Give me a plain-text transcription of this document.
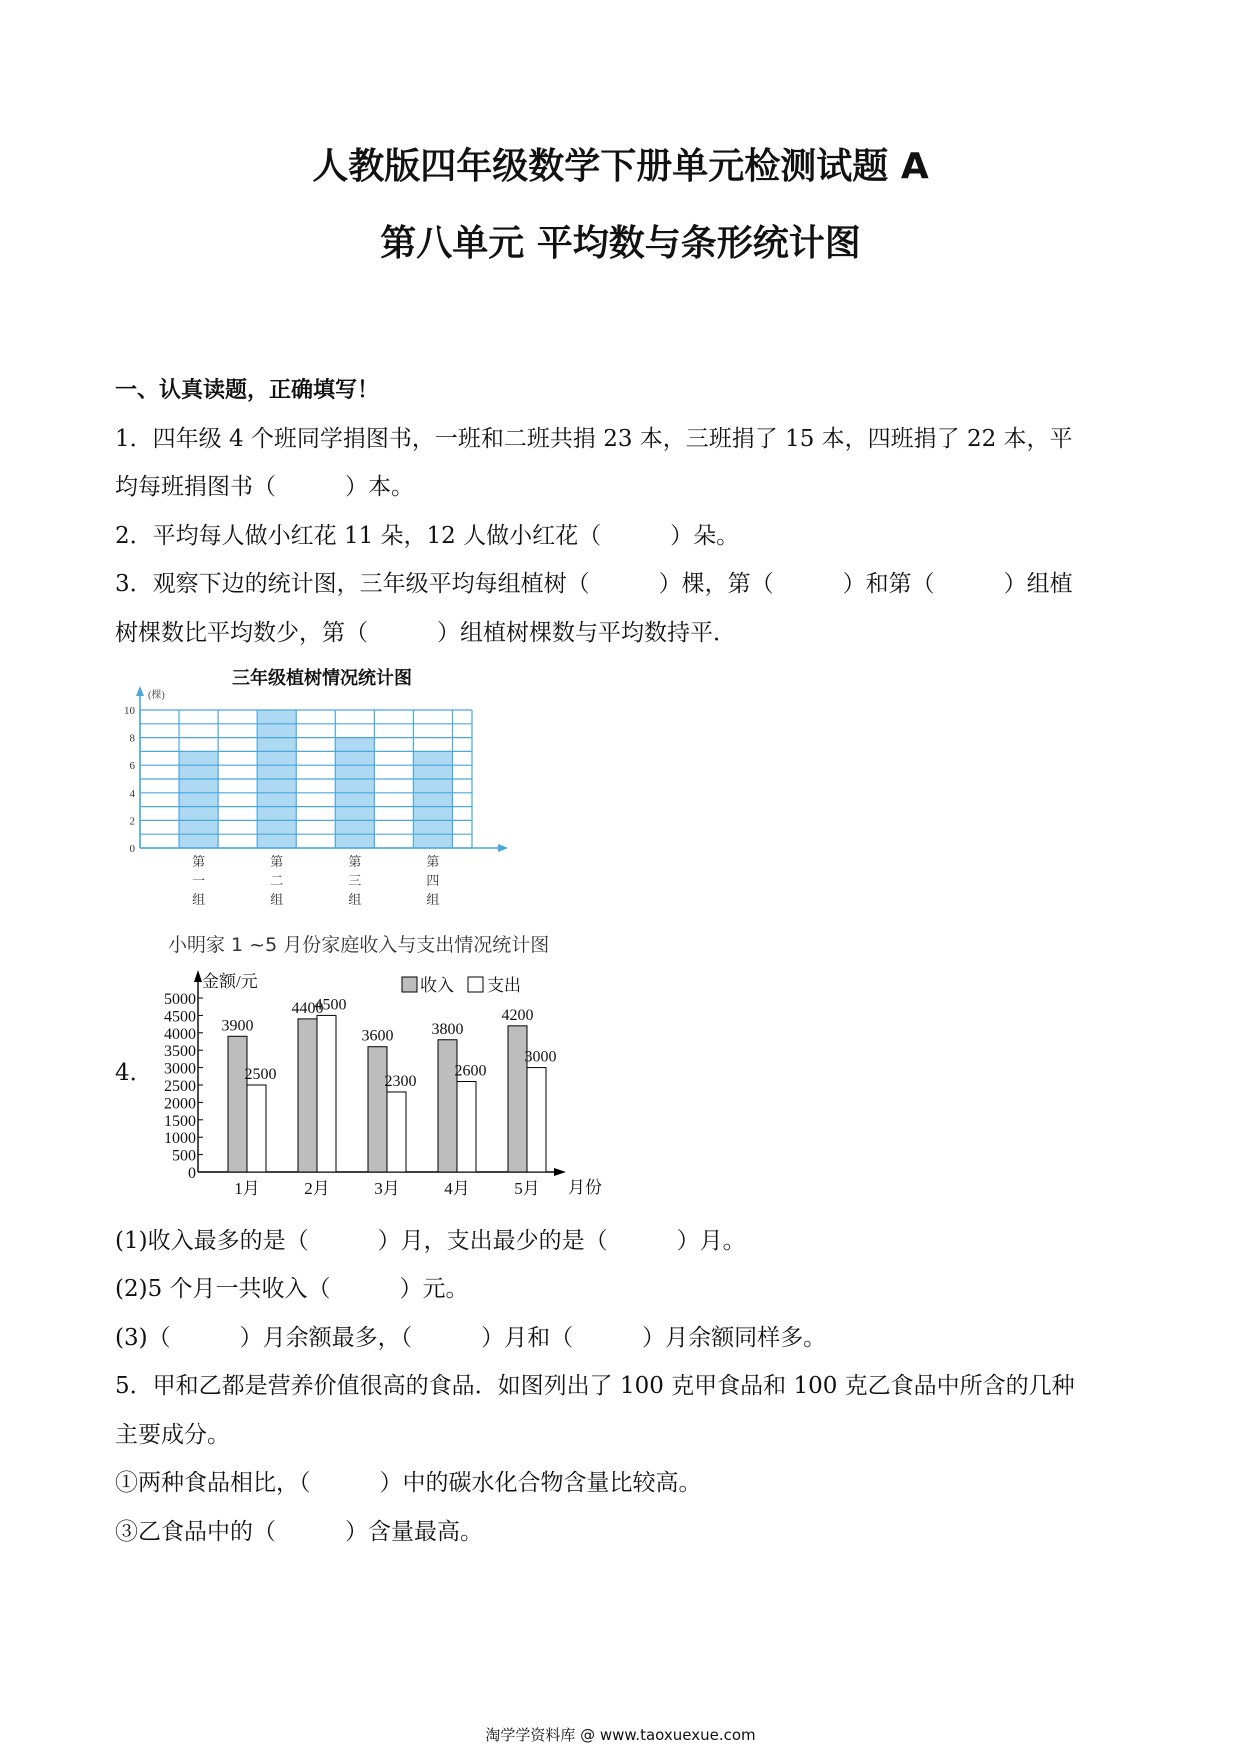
人教版四年级数学下册单元检测试题 A
第八单元 平均数与条形统计图
一、认真读题，正确填写！
1．四年级 4 个班同学捐图书，一班和二班共捐 23 本，三班捐了 15 本，四班捐了 22 本，平
均每班捐图书（　　　）本。
2．平均每人做小红花 11 朵，12 人做小红花（　　　）朵。
3．观察下边的统计图，三年级平均每组植树（　　　）棵，第（　　　）和第（　　　）组植
树棵数比平均数少，第（　　　）组植树棵数与平均数持平．
三年级植树情况统计图
(棵)
0
2
4
6
8
10
第
一
组
第
二
组
第
三
组
第
四
组
小明家 1 ~5 月份家庭收入与支出情况统计图
4．
金额/元
月份
0
500
1000
1500
2000
2500
3000
3500
4000
4500
5000
收入 支出
3900
2500
1月
4400
4500
2月
3600
2300
3月
3800
2600
4月
4200
3000
5月
(1)收入最多的是（　　　）月，支出最少的是（　　　）月。
(2)5 个月一共收入（　　　）元。
(3)（　　　）月余额最多，（　　　）月和（　　　）月余额同样多。
5．甲和乙都是营养价值很高的食品．如图列出了 100 克甲食品和 100 克乙食品中所含的几种
主要成分。
①两种食品相比，（　　　）中的碳水化合物含量比较高。
③乙食品中的（　　　）含量最高。
淘学学资料库 @ www.taoxuexue.com
